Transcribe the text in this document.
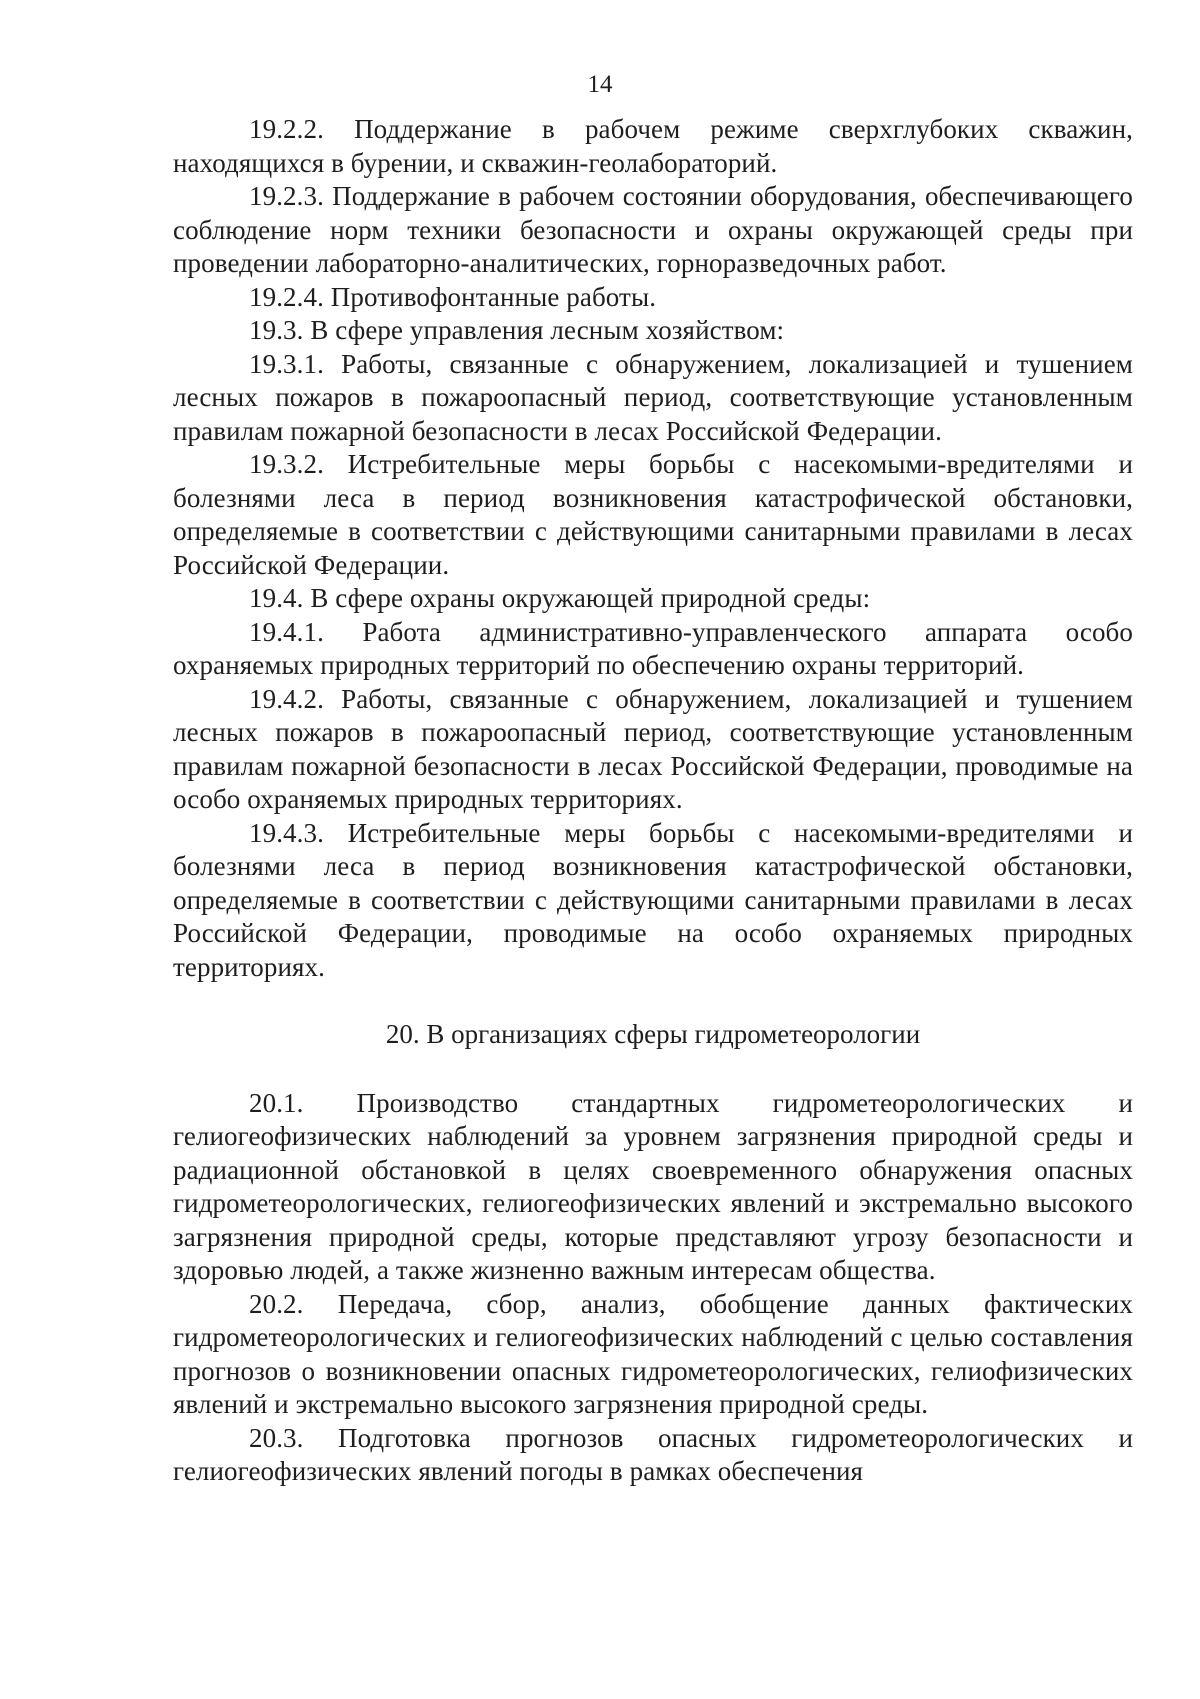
14

19.2.2. Поддержание в рабочем режиме сверхглубоких скважин, находящихся в бурении, и скважин-геолабораторий.

19.2.3. Поддержание в рабочем состоянии оборудования, обеспечивающего соблюдение норм техники безопасности и охраны окружающей среды при проведении лабораторно-аналитических, горноразведочных работ.

19.2.4. Противофонтанные работы.

19.3. В сфере управления лесным хозяйством:

19.3.1. Работы, связанные с обнаружением, локализацией и тушением лесных пожаров в пожароопасный период, соответствующие установленным правилам пожарной безопасности в лесах Российской Федерации.

19.3.2. Истребительные меры борьбы с насекомыми-вредителями и болезнями леса в период возникновения катастрофической обстановки, определяемые в соответствии с действующими санитарными правилами в лесах Российской Федерации.

19.4. В сфере охраны окружающей природной среды:

19.4.1. Работа административно-управленческого аппарата особо охраняемых природных территорий по обеспечению охраны территорий.

19.4.2. Работы, связанные с обнаружением, локализацией и тушением лесных пожаров в пожароопасный период, соответствующие установленным правилам пожарной безопасности в лесах Российской Федерации, проводимые на особо охраняемых природных территориях.

19.4.3. Истребительные меры борьбы с насекомыми-вредителями и болезнями леса в период возникновения катастрофической обстановки, определяемые в соответствии с действующими санитарными правилами в лесах Российской Федерации, проводимые на особо охраняемых природных территориях.

20. В организациях сферы гидрометеорологии

20.1. Производство стандартных гидрометеорологических и гелиогеофизических наблюдений за уровнем загрязнения природной среды и радиационной обстановкой в целях своевременного обнаружения опасных гидрометеорологических, гелиогеофизических явлений и экстремально высокого загрязнения природной среды, которые представляют угрозу безопасности и здоровью людей, а также жизненно важным интересам общества.

20.2. Передача, сбор, анализ, обобщение данных фактических гидрометеорологических и гелиогеофизических наблюдений с целью составления прогнозов о возникновении опасных гидрометеорологических, гелиофизических явлений и экстремально высокого загрязнения природной среды.

20.3. Подготовка прогнозов опасных гидрометеорологических и гелиогеофизических явлений погоды в рамках обеспечения
